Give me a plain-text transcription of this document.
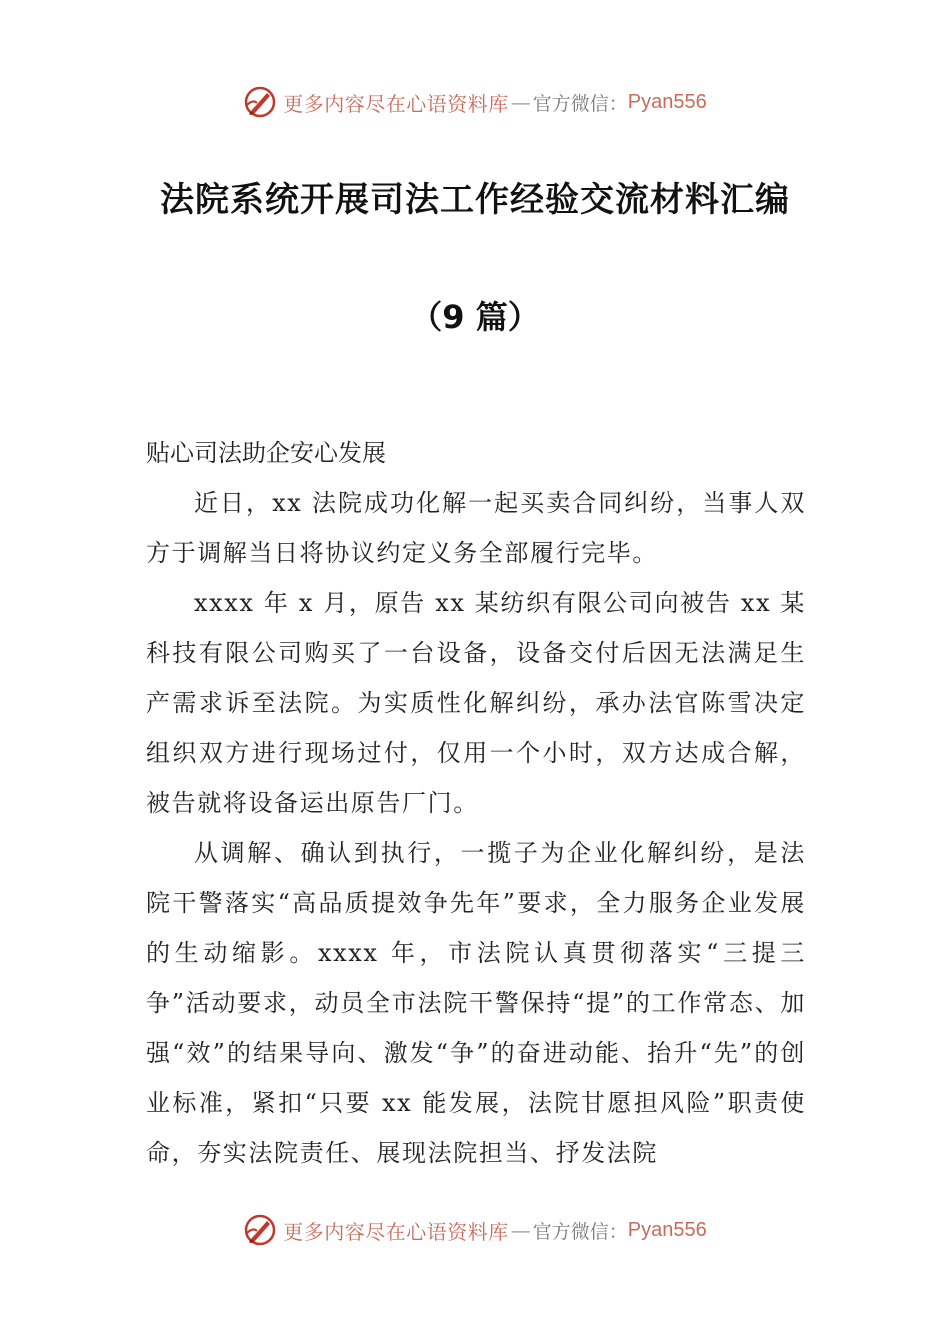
更多内容尽在心语资料库 — 官方微信： Pyan556
法院系统开展司法工作经验交流材料汇编
（9 篇）

贴心司法助企安心发展

近日，xx 法院成功化解一起买卖合同纠纷，当事人双方于调解当日将协议约定义务全部履行完毕。

xxxx 年 x 月，原告 xx 某纺织有限公司向被告 xx 某科技有限公司购买了一台设备，设备交付后因无法满足生产需求诉至法院。为实质性化解纠纷，承办法官陈雪决定组织双方进行现场过付，仅用一个小时，双方达成合解，被告就将设备运出原告厂门。

从调解、确认到执行，一揽子为企业化解纠纷，是法院干警落实“高品质提效争先年”要求，全力服务企业发展的生动缩影。xxxx 年，市法院认真贯彻落实“三提三争”活动要求，动员全市法院干警保持“提”的工作常态、加强“效”的结果导向、激发“争”的奋进动能、抬升“先”的创业标准，紧扣“只要 xx 能发展，法院甘愿担风险”职责使命，夯实法院责任、展现法院担当、抒发法院

更多内容尽在心语资料库 — 官方微信： Pyan556
